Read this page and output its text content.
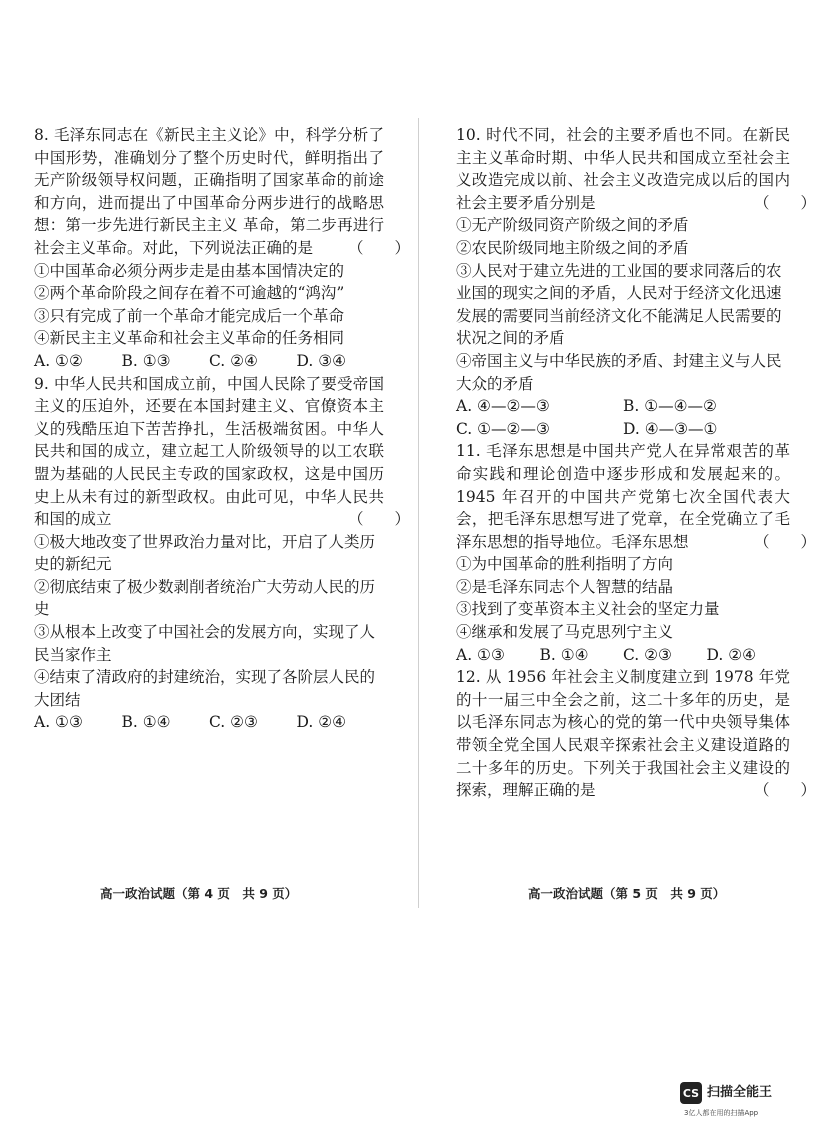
8. 毛泽东同志在《新民主主义论》中，科学分析了中国形势，准确划分了整个历史时代，鲜明指出了无产阶级领导权问题，正确指明了国家革命的前途和方向，进而提出了中国革命分两步进行的战略思想：第一步先进行新民主主义 革命，第二步再进行社会主义革命。对此，下列说法正确的是 （　　）

①中国革命必须分两步走是由基本国情决定的

②两个革命阶段之间存在着不可逾越的“鸿沟”

③只有完成了前一个革命才能完成后一个革命

④新民主主义革命和社会主义革命的任务相同

A. ①②	B. ①③	C. ②④	D. ③④

9. 中华人民共和国成立前，中国人民除了要受帝国主义的压迫外，还要在本国封建主义、官僚资本主义的残酷压迫下苦苦挣扎，生活极端贫困。中华人民共和国的成立，建立起工人阶级领导的以工农联盟为基础的人民民主专政的国家政权，这是中国历史上从未有过的新型政权。由此可见，中华人民共和国的成立	（　　）

①极大地改变了世界政治力量对比，开启了人类历史的新纪元

②彻底结束了极少数剥削者统治广大劳动人民的历史

③从根本上改变了中国社会的发展方向，实现了人民当家作主

④结束了清政府的封建统治，实现了各阶层人民的大团结

A. ①③	B. ①④	C. ②③	D. ②④

10. 时代不同，社会的主要矛盾也不同。在新民主主义革命时期、中华人民共和国成立至社会主义改造完成以前、社会主义改造完成以后的国内社会主要矛盾分别是	（　　）

①无产阶级同资产阶级之间的矛盾

②农民阶级同地主阶级之间的矛盾

③人民对于建立先进的工业国的要求同落后的农业国的现实之间的矛盾，人民对于经济文化迅速发展的需要同当前经济文化不能满足人民需要的状况之间的矛盾

④帝国主义与中华民族的矛盾、封建主义与人民大众的矛盾

A. ④—②—③	B. ①—④—②
C. ①—②—③	D. ④—③—①

11. 毛泽东思想是中国共产党人在异常艰苦的革命实践和理论创造中逐步形成和发展起来的。1945 年召开的中国共产党第七次全国代表大会，把毛泽东思想写进了党章，在全党确立了毛泽东思想的指导地位。毛泽东思想	（　　）

①为中国革命的胜利指明了方向

②是毛泽东同志个人智慧的结晶

③找到了变革资本主义社会的坚定力量

④继承和发展了马克思列宁主义

A. ①③	B. ①④	C. ②③	D. ②④

12. 从 1956 年社会主义制度建立到 1978 年党的十一届三中全会之前，这二十多年的历史，是以毛泽东同志为核心的党的第一代中央领导集体带领全党全国人民艰辛探索社会主义建设道路的二十多年的历史。下列关于我国社会主义建设的探索，理解正确的是	（　　）

高一政治试题（第 4 页　共 9 页）	高一政治试题（第 5 页　共 9 页）
CS 扫描全能王
3亿人都在用的扫描App
